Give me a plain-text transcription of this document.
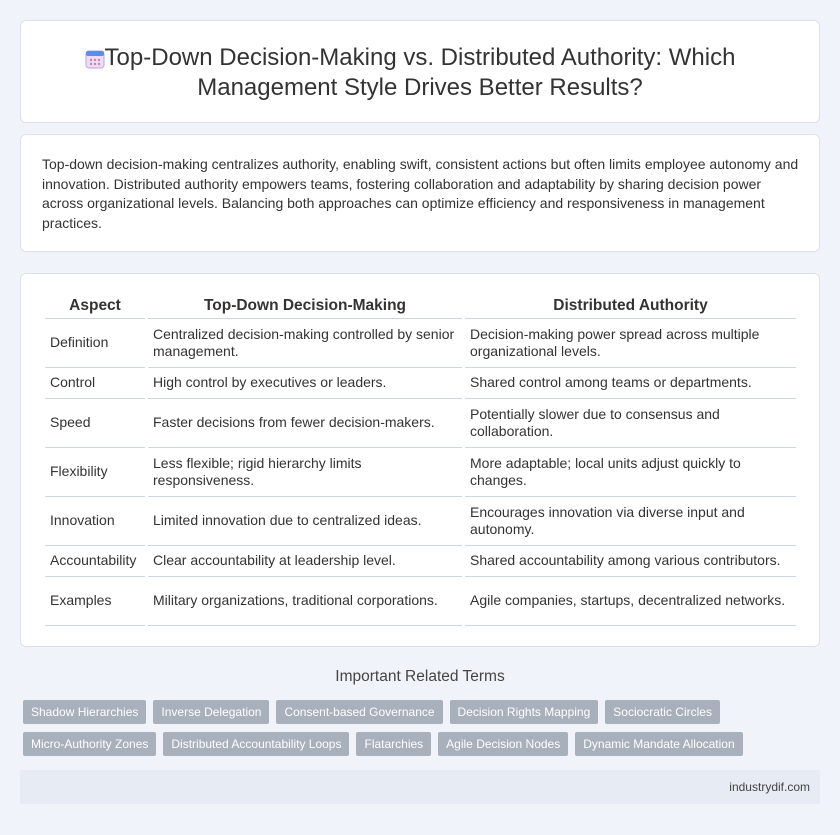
Top-Down Decision-Making vs. Distributed Authority: Which
Management Style Drives Better Results?

Top-down decision-making centralizes authority, enabling swift, consistent actions but often limits employee autonomy and innovation. Distributed authority empowers teams, fostering collaboration and adaptability by sharing decision power across organizational levels. Balancing both approaches can optimize efficiency and responsiveness in management practices.

Aspect	Top-Down Decision-Making	Distributed Authority
Definition	Centralized decision-making controlled by senior management.	Decision-making power spread across multiple organizational levels.
Control	High control by executives or leaders.	Shared control among teams or departments.
Speed	Faster decisions from fewer decision-makers.	Potentially slower due to consensus and collaboration.
Flexibility	Less flexible; rigid hierarchy limits responsiveness.	More adaptable; local units adjust quickly to changes.
Innovation	Limited innovation due to centralized ideas.	Encourages innovation via diverse input and autonomy.
Accountability	Clear accountability at leadership level.	Shared accountability among various contributors.
Examples	Military organizations, traditional corporations.	Agile companies, startups, decentralized networks.
Important Related Terms
Shadow Hierarchies	Inverse Delegation	Consent-based Governance	Decision Rights Mapping	Sociocratic Circles
Micro-Authority Zones	Distributed Accountability Loops	Flatarchies	Agile Decision Nodes	Dynamic Mandate Allocation
industrydif.com
